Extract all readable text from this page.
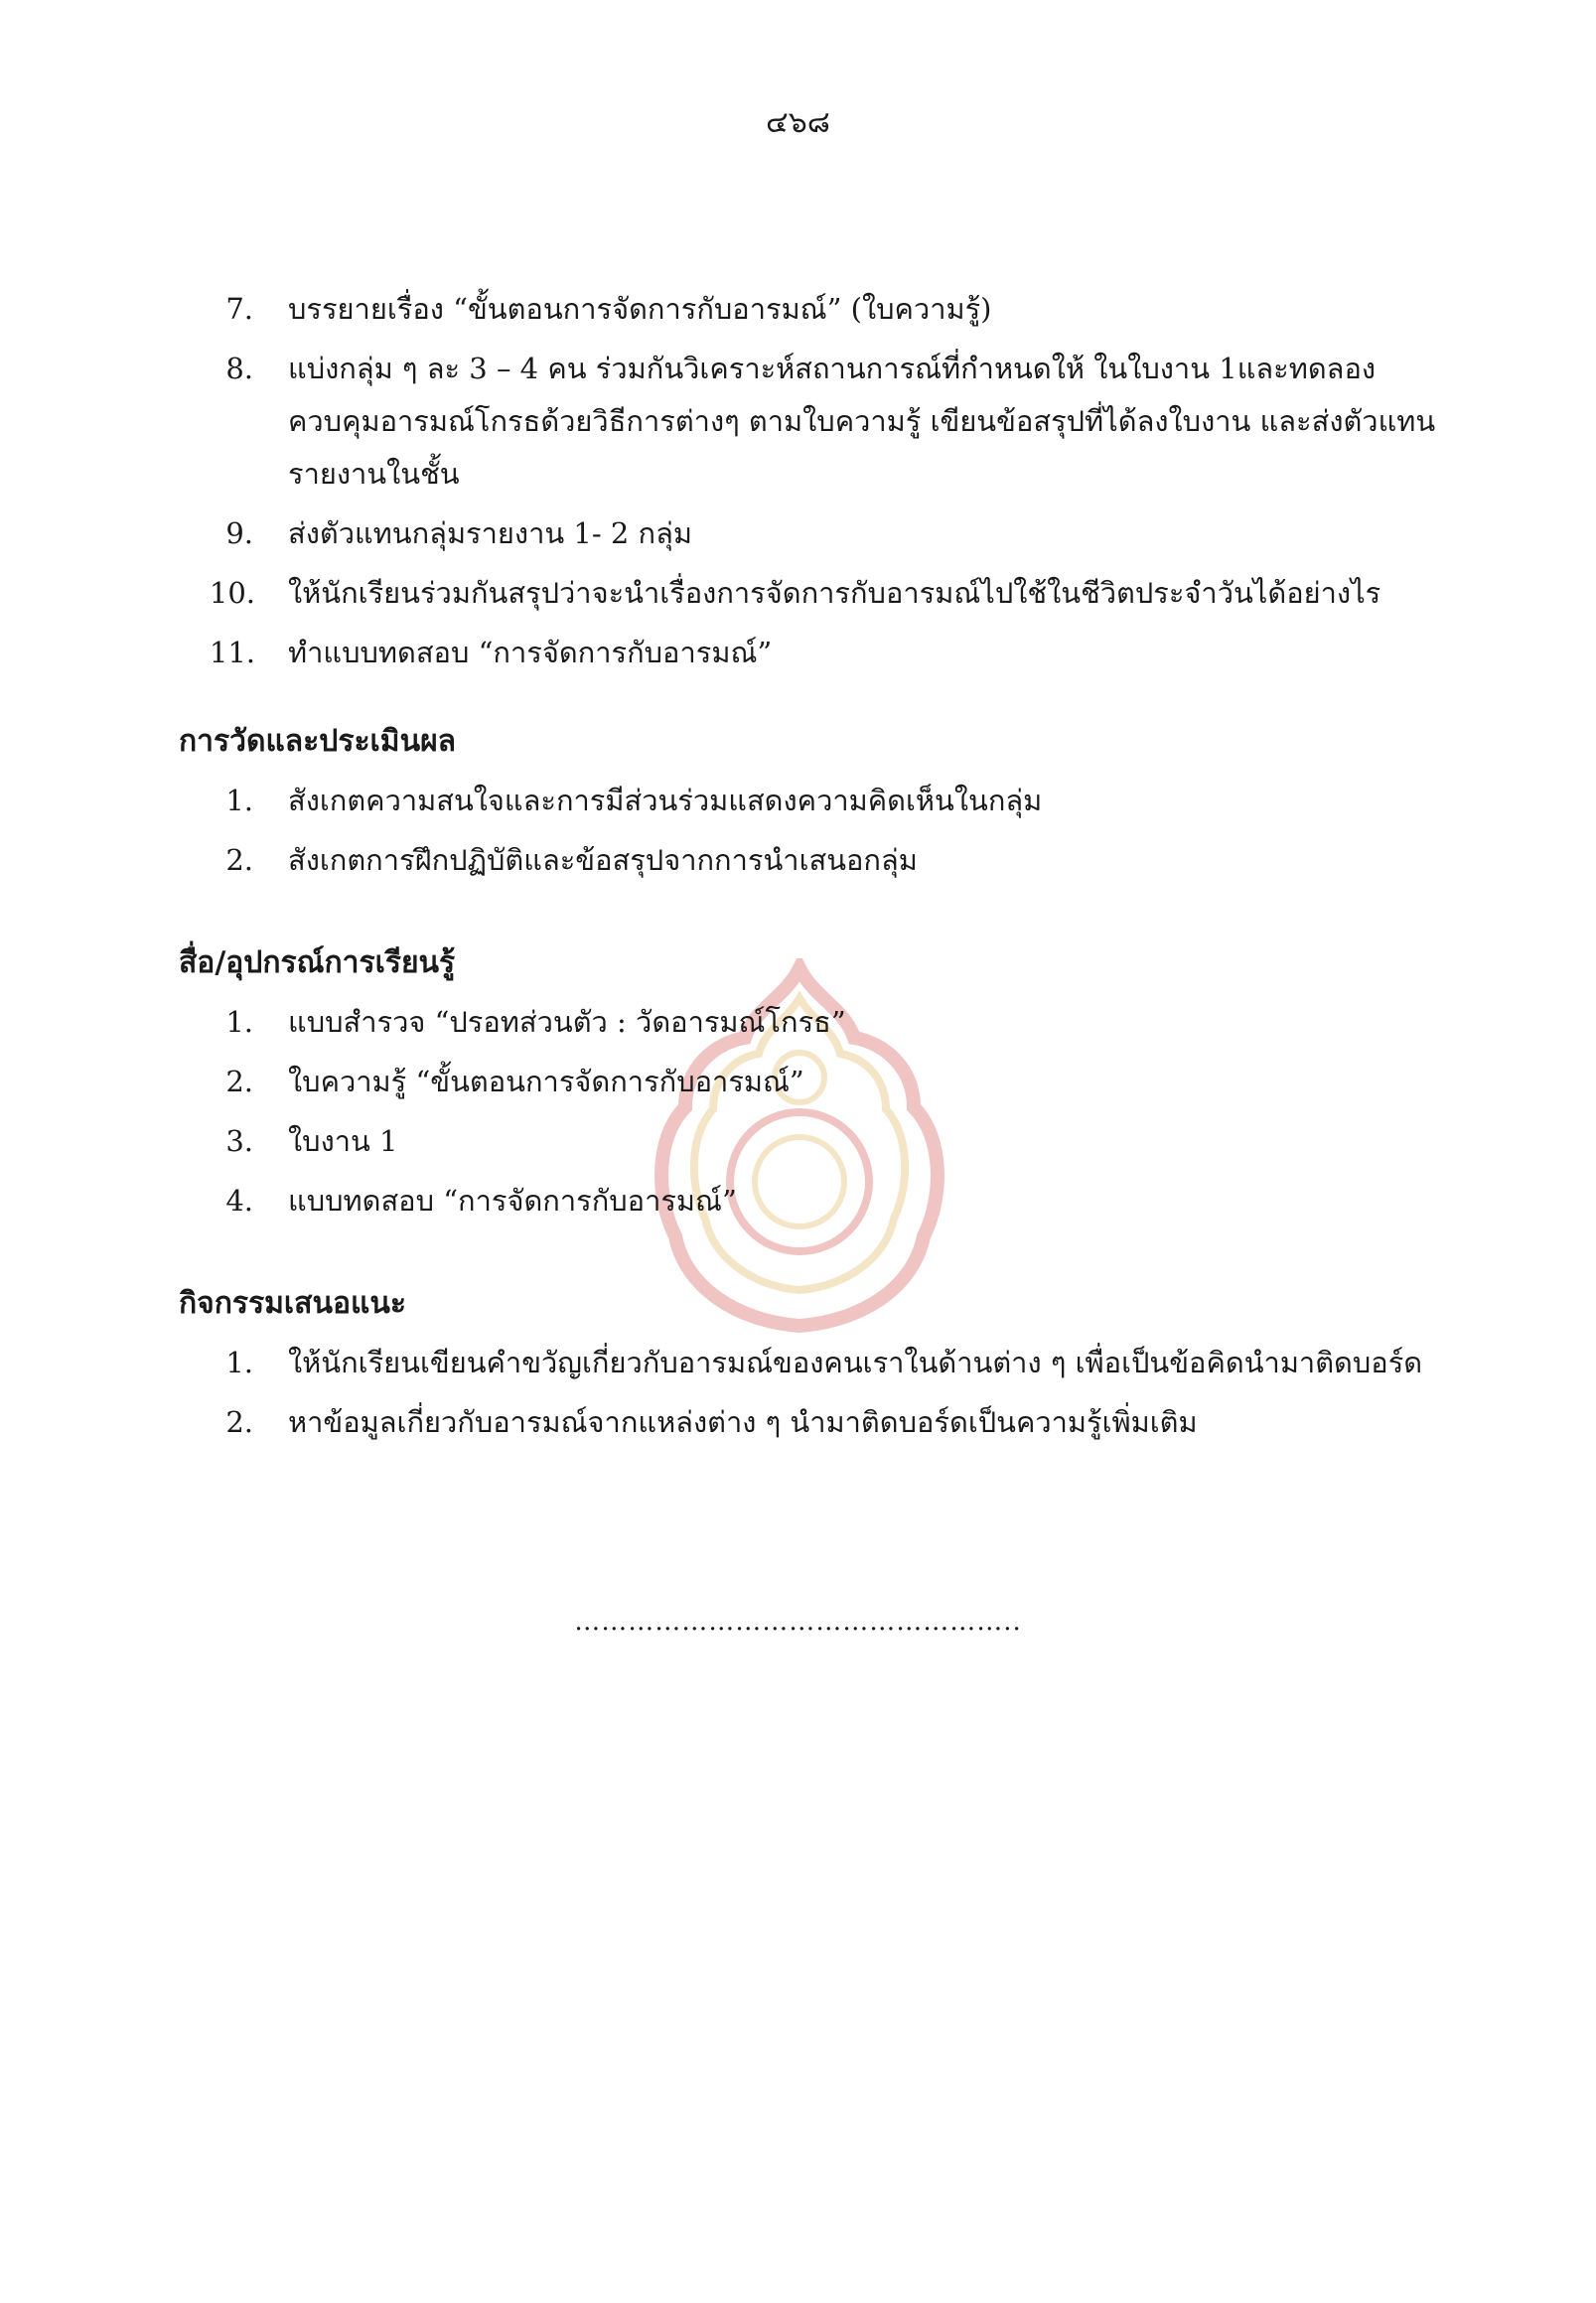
๔๖๘
7.	บรรยายเรื่อง “ขั้นตอนการจัดการกับอารมณ์” (ใบความรู้)
8.	แบ่งกลุ่ม ๆ ละ 3 – 4 คน ร่วมกันวิเคราะห์สถานการณ์ที่กำหนดให้ ในใบงาน 1และทดลองควบคุมอารมณ์โกรธด้วยวิธีการต่างๆ ตามใบความรู้ เขียนข้อสรุปที่ได้ลงใบงาน และส่งตัวแทนรายงานในชั้น
9.	ส่งตัวแทนกลุ่มรายงาน 1- 2 กลุ่ม
10.	ให้นักเรียนร่วมกันสรุปว่าจะนำเรื่องการจัดการกับอารมณ์ไปใช้ในชีวิตประจำวันได้อย่างไร
11.	ทำแบบทดสอบ “การจัดการกับอารมณ์”
การวัดและประเมินผล
1.	สังเกตความสนใจและการมีส่วนร่วมแสดงความคิดเห็นในกลุ่ม
2.	สังเกตการฝึกปฏิบัติและข้อสรุปจากการนำเสนอกลุ่ม
สื่อ/อุปกรณ์การเรียนรู้
1.	แบบสำรวจ “ปรอทส่วนตัว : วัดอารมณ์โกรธ”
2.	ใบความรู้ “ขั้นตอนการจัดการกับอารมณ์”
3.	ใบงาน 1
4.	แบบทดสอบ “การจัดการกับอารมณ์”
กิจกรรมเสนอแนะ
1.	ให้นักเรียนเขียนคำขวัญเกี่ยวกับอารมณ์ของคนเราในด้านต่าง ๆ เพื่อเป็นข้อคิดนำมาติดบอร์ด
2.	หาข้อมูลเกี่ยวกับอารมณ์จากแหล่งต่าง ๆ นำมาติดบอร์ดเป็นความรู้เพิ่มเติม
…………………………………………..
